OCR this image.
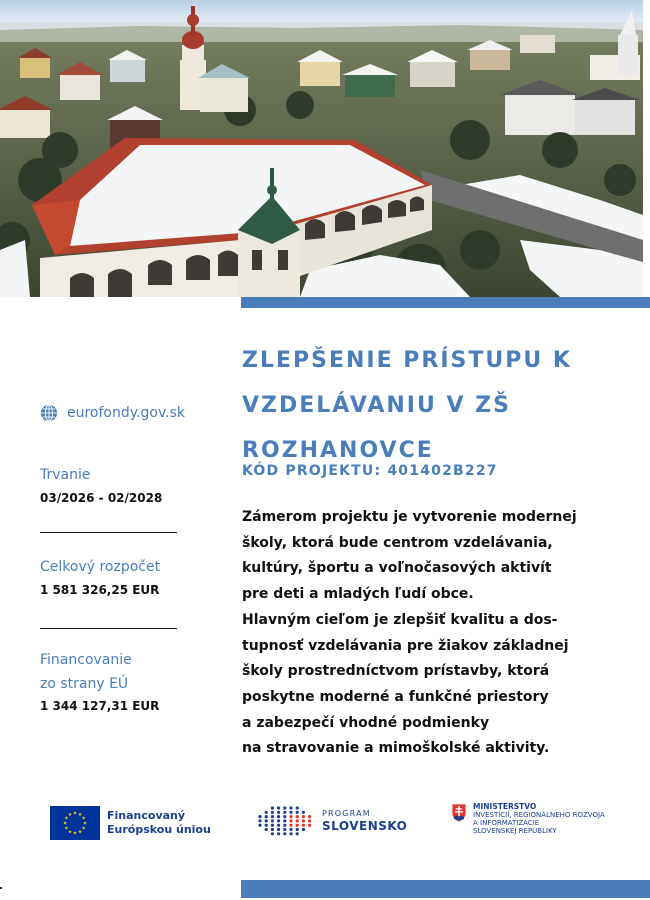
ZLEPŠENIE PRÍSTUPU K
VZDELÁVANIU V ZŠ
ROZHANOVCE

KÓD PROJEKTU: 401402B227

Zámerom projektu je vytvorenie modernej
školy, ktorá bude centrom vzdelávania,
kultúry, športu a voľnočasových aktivít
pre deti a mladých ľudí obce.
Hlavným cieľom je zlepšiť kvalitu a dos-
tupnosť vzdelávania pre žiakov základnej
školy prostredníctvom prístavby, ktorá
poskytne moderné a funkčné priestory
a zabezpečí vhodné podmienky
na stravovanie a mimoškolské aktivity.
eurofondy.gov.sk

Trvanie

03/2026 - 02/2028

Celkový rozpočet

1 581 326,25 EUR

Financovanie
zo strany EÚ

1 344 127,31 EUR

Financovaný
Európskou úniou
PROGRAM
SLOVENSKO
MINISTERSTVO
INVESTÍCIÍ, REGIONÁLNEHO ROZVOJA
A INFORMATIZÁCIE
SLOVENSKEJ REPUBLIKY
